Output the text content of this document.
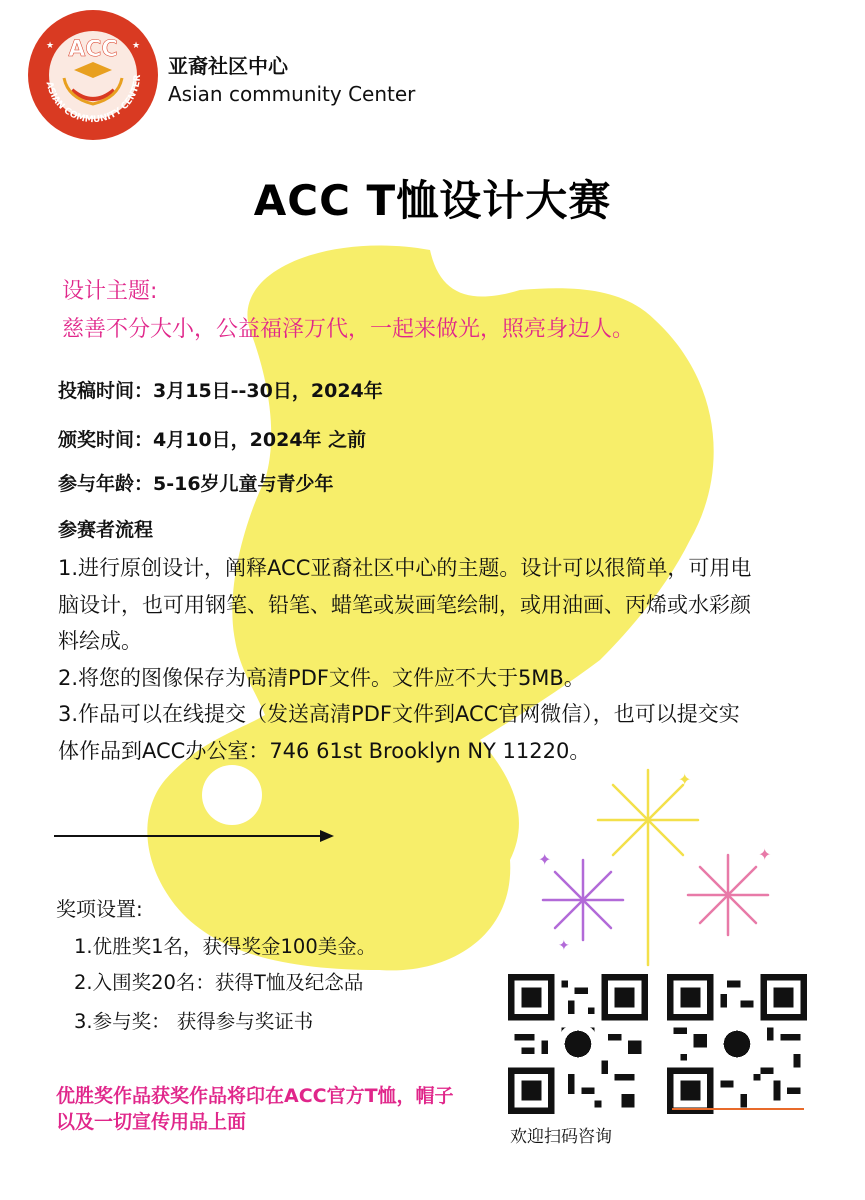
ACC
ASIAN COMMUNITY CENTER
★	★
亚裔社区中心
Asian community Center
ACC T恤设计大赛
设计主题:
慈善不分大小，公益福泽万代，一起来做光，照亮身边人。
投稿时间：3月15日--30日，2024年
颁奖时间：4月10日，2024年 之前
参与年龄：5-16岁儿童与青少年
参赛者流程

1.进行原创设计，阐释ACC亚裔社区中心的主题。设计可以很简单，可用电脑设计，也可用钢笔、铅笔、蜡笔或炭画笔绘制，或用油画、丙烯或水彩颜料绘成。

2.将您的图像保存为高清PDF文件。文件应不大于5MB。

3.作品可以在线提交（发送高清PDF文件到ACC官网微信），也可以提交实体作品到ACC办公室：746 61st Brooklyn NY 11220。

奖项设置:
1.优胜奖1名，获得奖金100美金。
2.入围奖20名：获得T恤及纪念品
3.参与奖： 获得参与奖证书
优胜奖作品获奖作品将印在ACC官方T恤，帽子以及一切宣传用品上面
✦
✦	✦
✦
欢迎扫码咨询
